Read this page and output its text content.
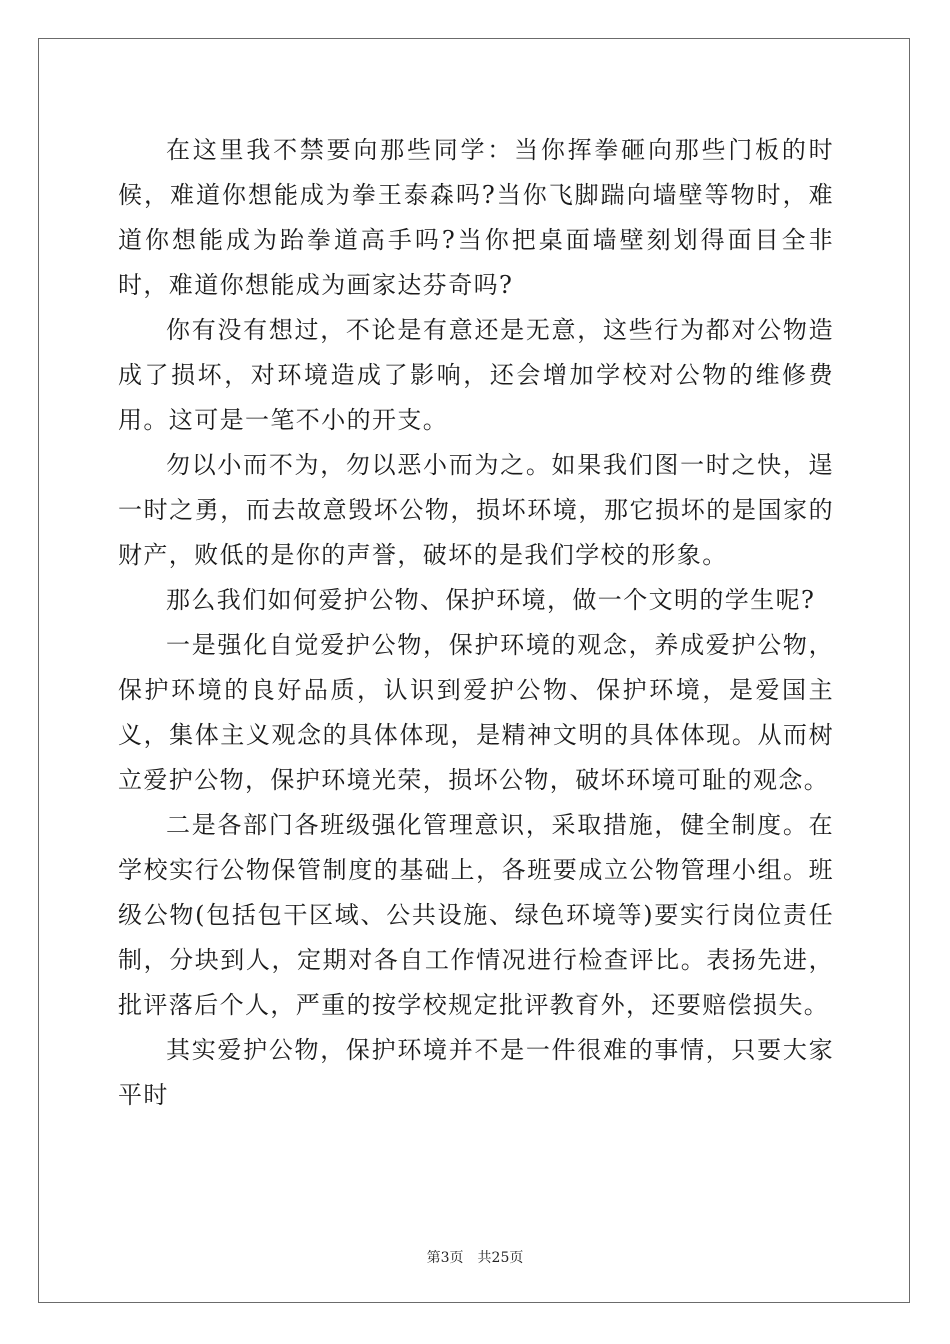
在这里我不禁要向那些同学：当你挥拳砸向那些门板的时候，难道你想能成为拳王泰森吗?当你飞脚踹向墙壁等物时，难道你想能成为跆拳道高手吗?当你把桌面墙壁刻划得面目全非时，难道你想能成为画家达芬奇吗?

你有没有想过，不论是有意还是无意，这些行为都对公物造成了损坏，对环境造成了影响，还会增加学校对公物的维修费用。这可是一笔不小的开支。

勿以小而不为，勿以恶小而为之。如果我们图一时之快，逞一时之勇，而去故意毁坏公物，损坏环境，那它损坏的是国家的财产，败低的是你的声誉，破坏的是我们学校的形象。

那么我们如何爱护公物、保护环境，做一个文明的学生呢?

一是强化自觉爱护公物，保护环境的观念，养成爱护公物，保护环境的良好品质，认识到爱护公物、保护环境，是爱国主义，集体主义观念的具体体现，是精神文明的具体体现。从而树立爱护公物，保护环境光荣，损坏公物，破坏环境可耻的观念。

二是各部门各班级强化管理意识，采取措施，健全制度。在学校实行公物保管制度的基础上，各班要成立公物管理小组。班级公物(包括包干区域、公共设施、绿色环境等)要实行岗位责任制，分块到人，定期对各自工作情况进行检查评比。表扬先进，批评落后个人，严重的按学校规定批评教育外，还要赔偿损失。

其实爱护公物，保护环境并不是一件很难的事情，只要大家平时

第3页 共25页
